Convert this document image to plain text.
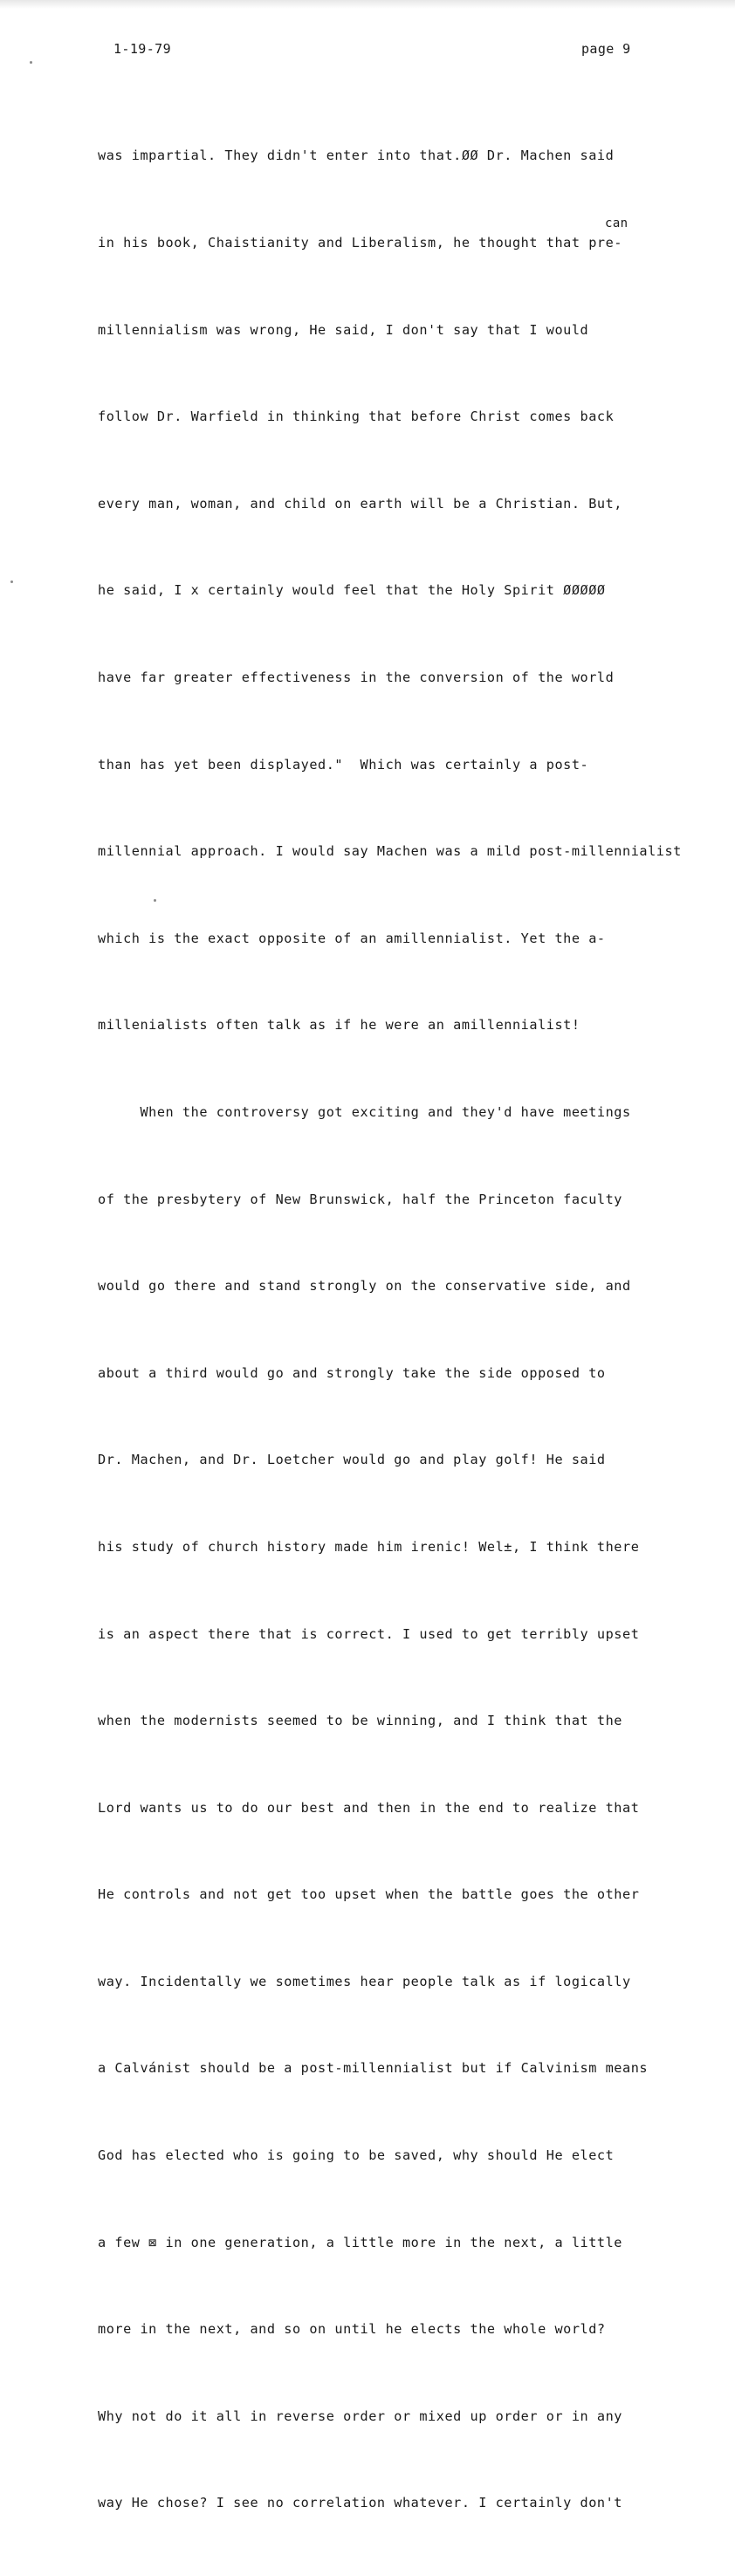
1-19-79	page 9
can

was impartial. They didn't enter into that.ØØ Dr. Machen said

in his book, Chaistianity and Liberalism, he thought that pre-

millennialism was wrong, He said, I don't say that I would

follow Dr. Warfield in thinking that before Christ comes back

every man, woman, and child on earth will be a Christian. But,

he said, I x certainly would feel that the Holy Spirit ØØØØØ

have far greater effectiveness in the conversion of the world

than has yet been displayed."  Which was certainly a post-

millennial approach. I would say Machen was a mild post-millennialist

which is the exact opposite of an amillennialist. Yet the a-

millenialists often talk as if he were an amillennialist!

When the controversy got exciting and they'd have meetings

of the presbytery of New Brunswick, half the Princeton faculty

would go there and stand strongly on the conservative side, and

about a third would go and strongly take the side opposed to

Dr. Machen, and Dr. Loetcher would go and play golf! He said

his study of church history made him irenic! Wel±, I think there

is an aspect there that is correct. I used to get terribly upset

when the modernists seemed to be winning, and I think that the

Lord wants us to do our best and then in the end to realize that

He controls and not get too upset when the battle goes the other

way. Incidentally we sometimes hear people talk as if logically

a Calvánist should be a post-millennialist but if Calvinism means

God has elected who is going to be saved, why should He elect

a few ⊠ in one generation, a little more in the next, a little

more in the next, and so on until he elects the whole world?

Why not do it all in reverse order or mixed up order or in any

way He chose? I see no correlation whatever. I certainly don't
